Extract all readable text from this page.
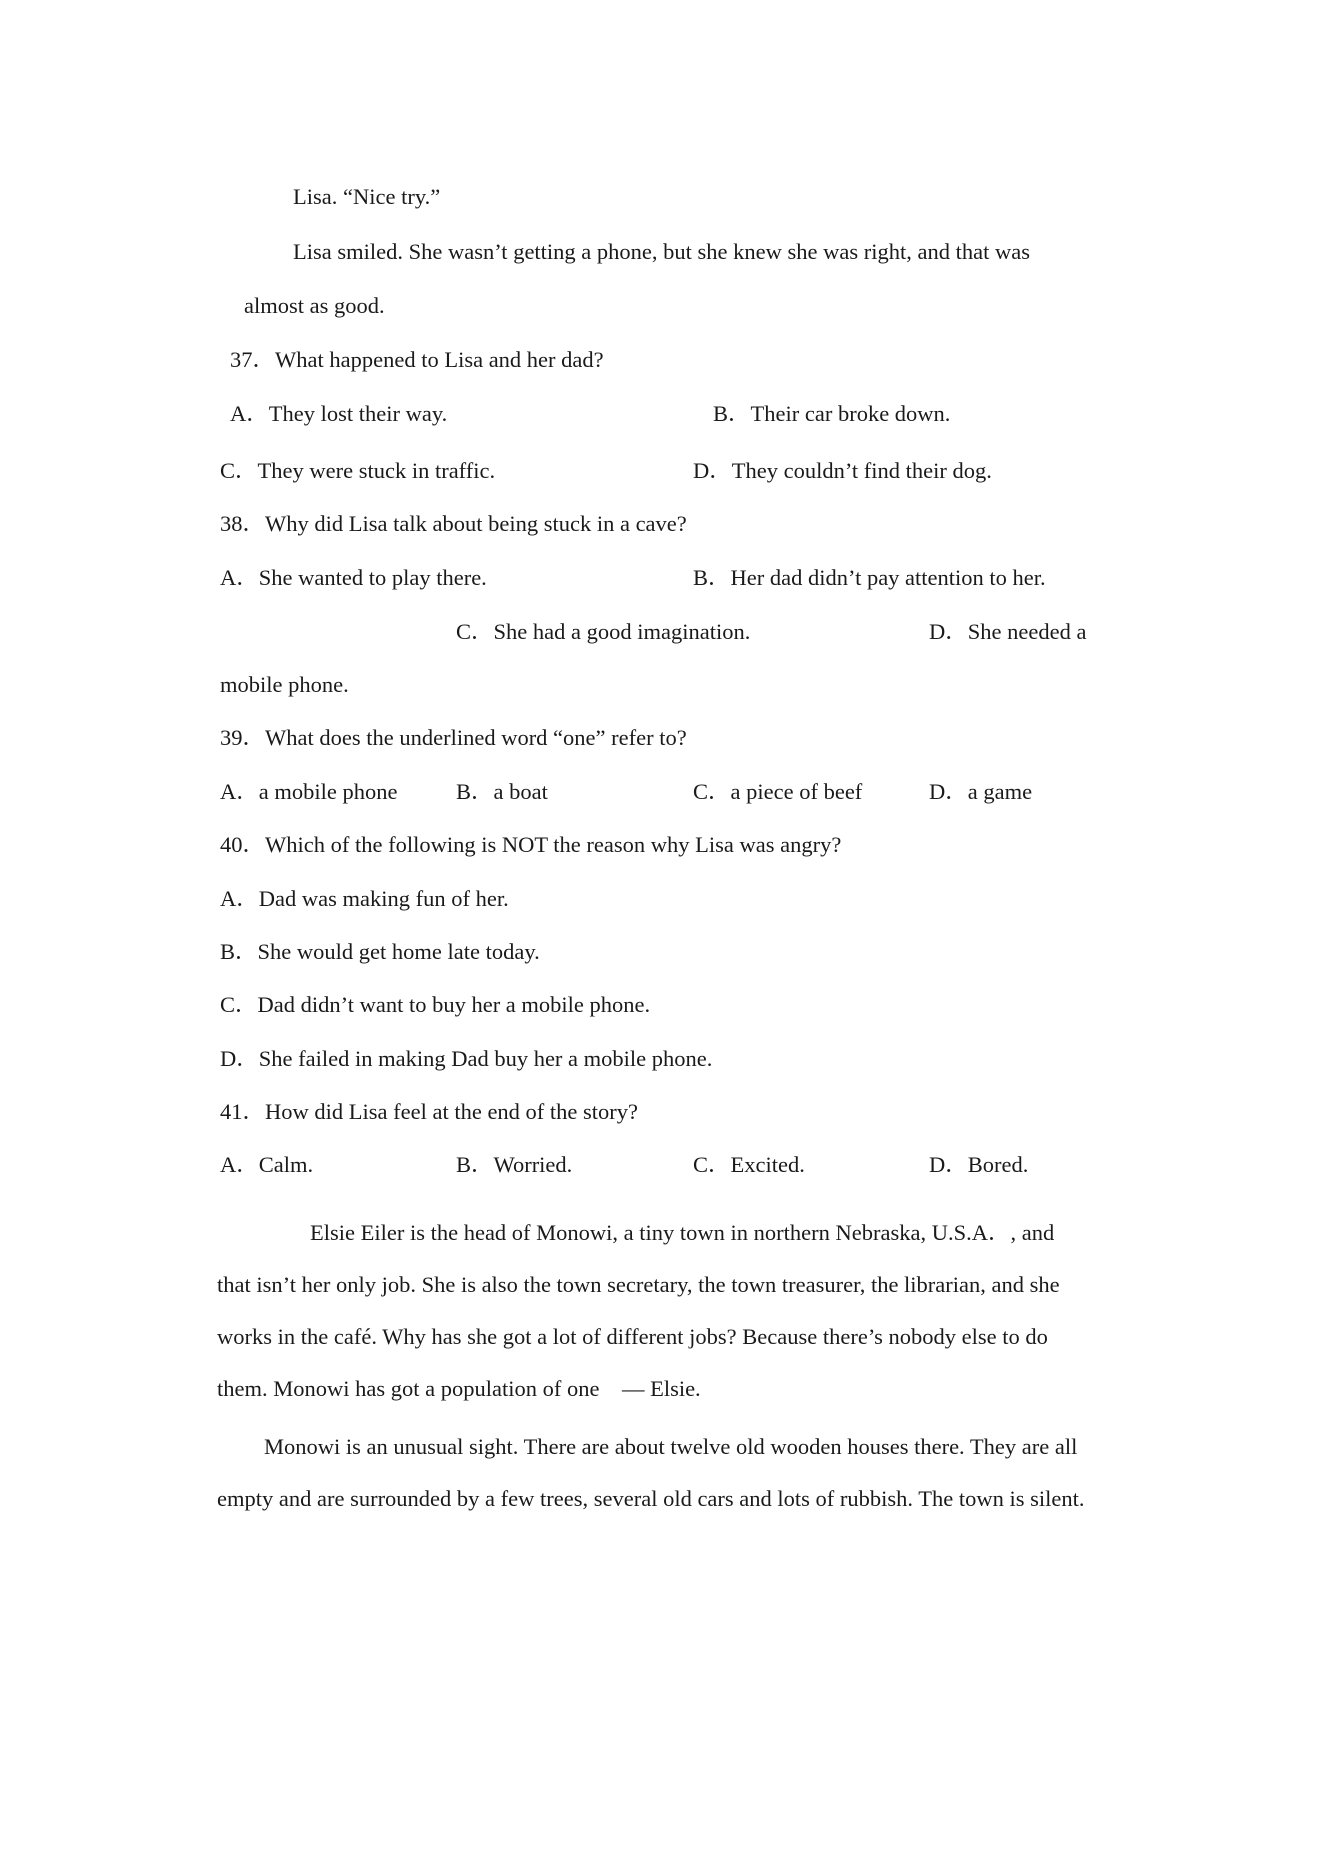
Lisa. “Nice try.”
Lisa smiled. She wasn’t getting a phone, but she knew she was right, and that was
almost as good.
37．What happened to Lisa and her dad?
A．They lost their way.	B．Their car broke down.
C．They were stuck in traffic.	D．They couldn’t find their dog.
38．Why did Lisa talk about being stuck in a cave?
A．She wanted to play there.	B．Her dad didn’t pay attention to her.
C．She had a good imagination.	D．She needed a
mobile phone.
39．What does the underlined word “one” refer to?
A．a mobile phone	B．a boat	C．a piece of beef	D．a game
40．Which of the following is NOT the reason why Lisa was angry?
A．Dad was making fun of her.
B．She would get home late today.
C．Dad didn’t want to buy her a mobile phone.
D．She failed in making Dad buy her a mobile phone.
41．How did Lisa feel at the end of the story?
A．Calm.	B．Worried.	C．Excited.	D．Bored.
Elsie Eiler is the head of Monowi, a tiny town in northern Nebraska, U.S.A．, and
that isn’t her only job. She is also the town secretary, the town treasurer, the librarian, and she
works in the café. Why has she got a lot of different jobs? Because there’s nobody else to do
them. Monowi has got a population of one　— Elsie.
Monowi is an unusual sight. There are about twelve old wooden houses there. They are all
empty and are surrounded by a few trees, several old cars and lots of rubbish. The town is silent.
